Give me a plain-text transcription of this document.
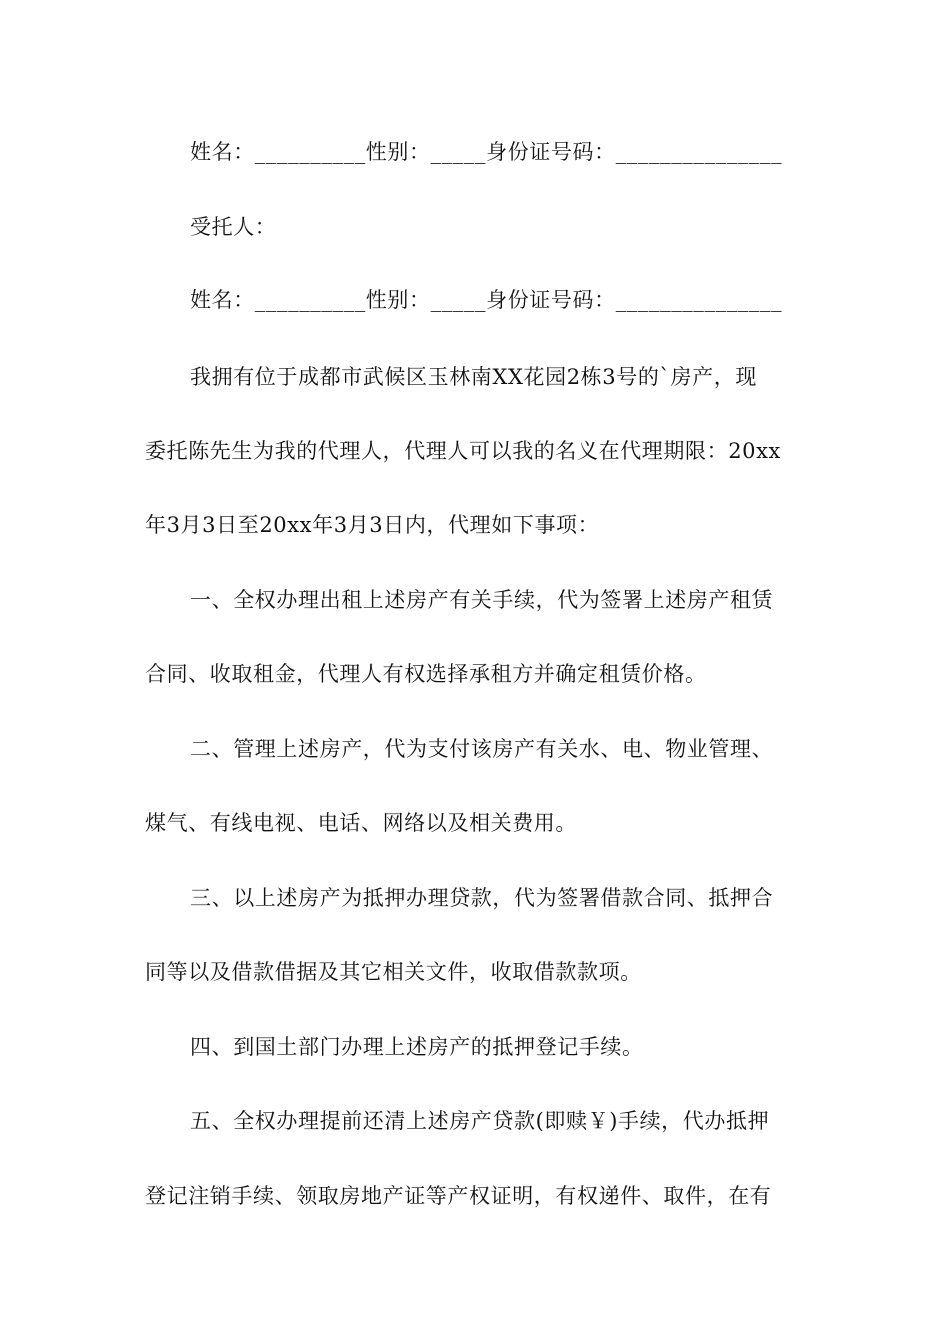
姓名：__________性别：_____身份证号码：_______________
受托人：
姓名：__________性别：_____身份证号码：_______________
我拥有位于成都市武候区玉林南XX花园2栋3号的`房产，现
委托陈先生为我的代理人，代理人可以我的名义在代理期限：20xx
年3月3日至20xx年3月3日内，代理如下事项：
一、全权办理出租上述房产有关手续，代为签署上述房产租赁
合同、收取租金，代理人有权选择承租方并确定租赁价格。
二、管理上述房产，代为支付该房产有关水、电、物业管理、
煤气、有线电视、电话、网络以及相关费用。
三、以上述房产为抵押办理贷款，代为签署借款合同、抵押合
同等以及借款借据及其它相关文件，收取借款款项。
四、到国土部门办理上述房产的抵押登记手续。
五、全权办理提前还清上述房产贷款(即赎￥)手续，代办抵押
登记注销手续、领取房地产证等产权证明，有权递件、取件，在有
